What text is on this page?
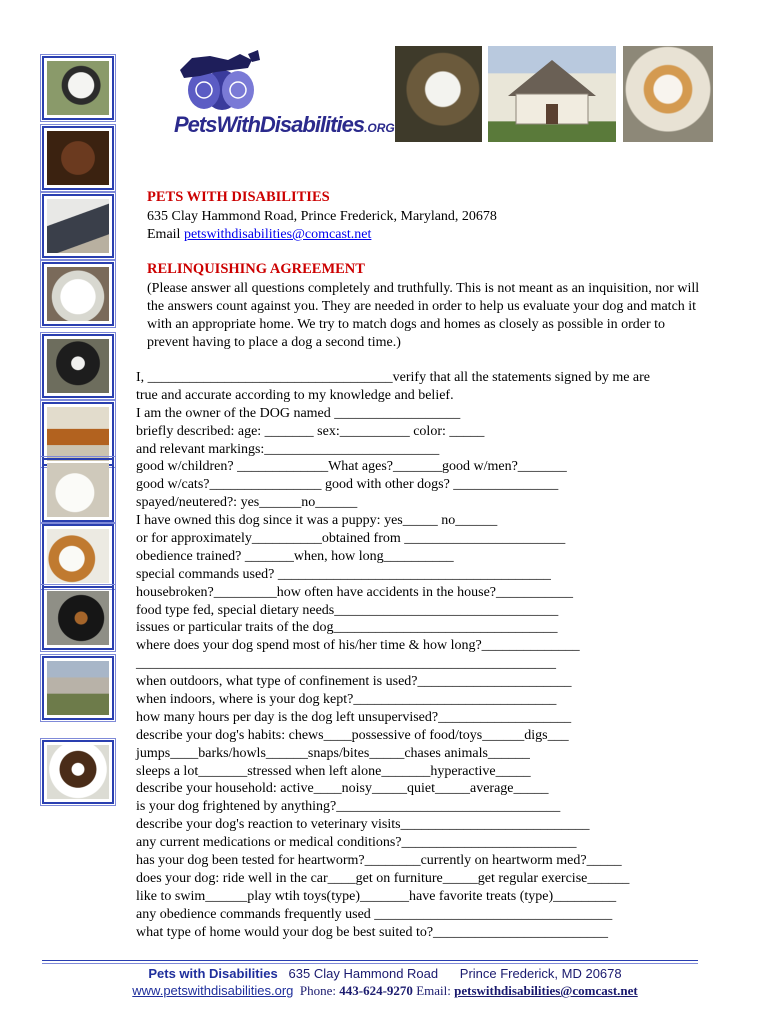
PetsWithDisabilities.ORG
PETS WITH DISABILITIES
635 Clay Hammond Road, Prince Frederick, Maryland, 20678
Email petswithdisabilities@comcast.net
RELINQUISHING AGREEMENT
(Please answer all questions completely and truthfully. This is not meant as an inquisition, nor will the answers count against you. They are needed in order to help us evaluate your dog and match it with an appropriate home. We try to match dogs and homes as closely as possible in order to prevent having to place a dog a second time.)
I, ___________________________________verify that all the statements signed by me are
true and accurate according to my knowledge and belief.
I am the owner of the DOG named __________________
briefly described: age: _______ sex:__________ color: _____
and relevant markings:_________________________
good w/children? _____________What ages?_______good w/men?_______
good w/cats?________________ good with other dogs? _______________
spayed/neutered?: yes______no______
I have owned this dog since it was a puppy: yes_____ no______
or for approximately__________obtained from _______________________
obedience trained? _______when, how long__________
special commands used? _______________________________________
housebroken?_________how often have accidents in the house?___________
food type fed, special dietary needs________________________________
issues or particular traits of the dog________________________________
where does your dog spend most of his/her time & how long?______________
____________________________________________________________
when outdoors, what type of confinement is used?______________________
when indoors, where is your dog kept?_____________________________
how many hours per day is the dog left unsupervised?___________________
describe your dog's habits: chews____possessive of food/toys______digs___
jumps____barks/howls______snaps/bites_____chases animals______
sleeps a lot_______stressed when left alone_______hyperactive_____
describe your household: active____noisy_____quiet_____average_____
is your dog frightened by anything?________________________________
describe your dog's reaction to veterinary visits___________________________
any current medications or medical conditions?_________________________
has your dog been tested for heartworm?________currently on heartworm med?_____
does your dog: ride well in the car____get on furniture_____get regular exercise______
like to swim______play wtih toys(type)_______have favorite treats (type)_________
any obedience commands frequently used __________________________________
what type of home would your dog be best suited to?_________________________
Pets with Disabilities 635 Clay Hammond Road Prince Frederick, MD 20678
www.petswithdisabilities.org Phone: 443-624-9270 Email: petswithdisabilities@comcast.net
